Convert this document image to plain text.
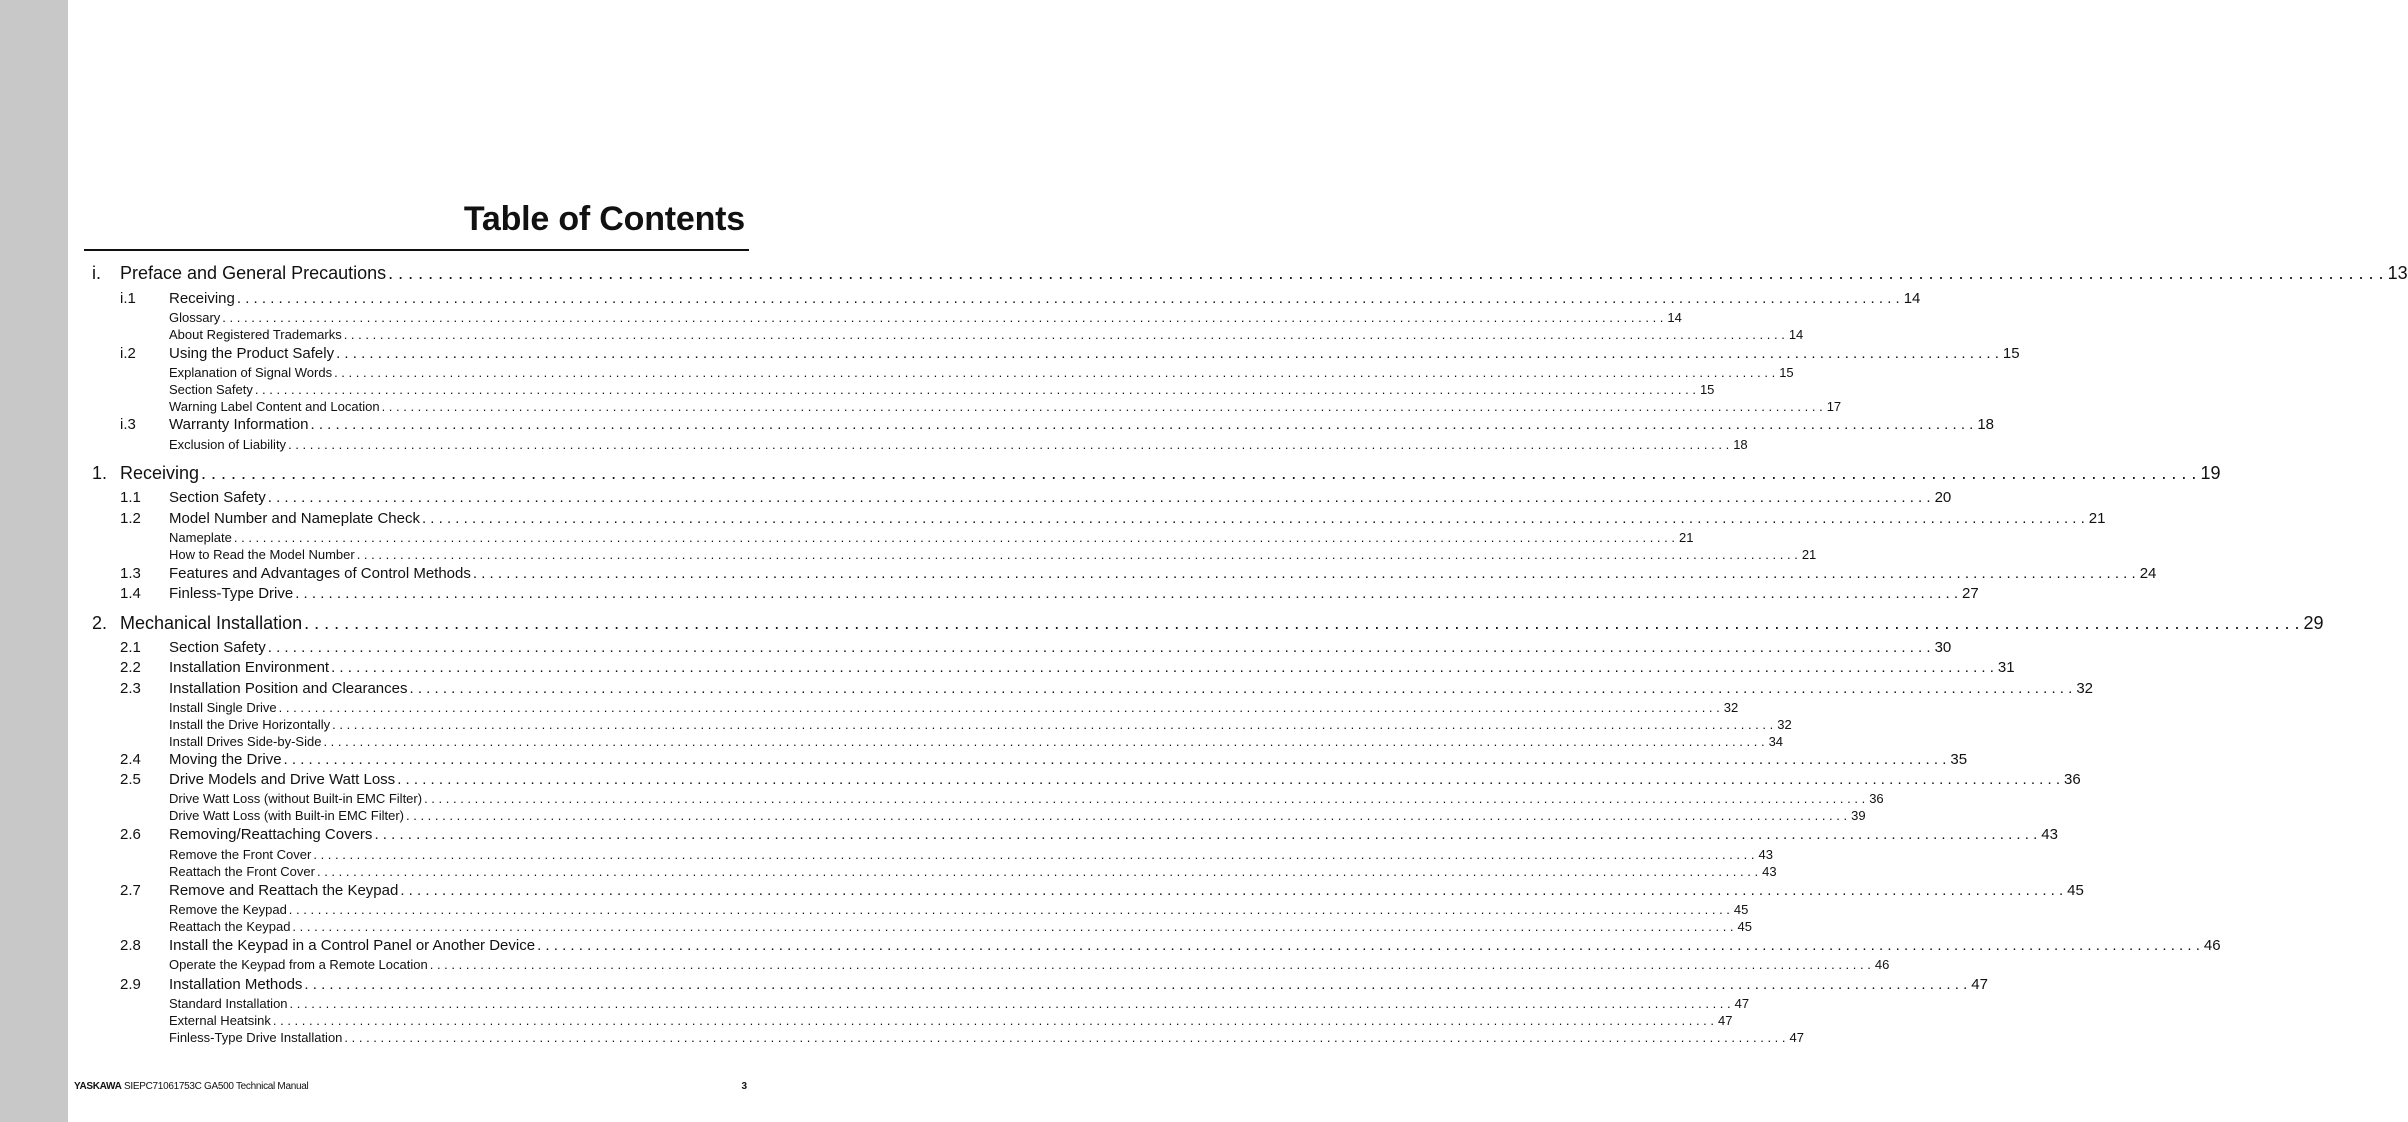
Table of Contents
i. Preface and General Precautions . . . . . . . . . . . . . . . . . . . . . . . . . . . . . . . . . . . . . . . . . . . . . . . . . . . . . . . . . . . . . . . . . . . . . . . . . . . . . . . . . . . . . . . . . . . . . . . . . . . . . . . . . . . . . . . . . . . . . . . . . . . . . . . . . . . . . . . . . . . . . . . . . . . . . . . . . . . . . . . . . . . . . . . . . . . . . . . . . . . . . . . . . . . . . . . . . . . . . . . . 13
i.1 Receiving . . . . . . . . . . . . . . . . . . . . . . . . . . . . . . . . . . . . . . . . . . . . . . . . . . . . . . . . . . . . . . . . . . . . . . . . . . . . . . . . . . . . . . . . . . . . . . . . . . . . . . . . . . . . . . . . . . . . . . . . . . . . . . . . . . . . . . . . . . . . . . . . . . . . . . . . . . . . . . . . . . . . . . . . . . . . . . . . . . . . . . . . . . . . . . . . . . . . . . . . 14
Glossary . . . . . . . . . . . . . . . . . . . . . . . . . . . . . . . . . . . . . . . . . . . . . . . . . . . . . . . . . . . . . . . . . . . . . . . . . . . . . . . . . . . . . . . . . . . . . . . . . . . . . . . . . . . . . . . . . . . . . . . . . . . . . . . . . . . . . . . . . . . . . . . . . . . . . . . . . . . . . . . . . . . . . . . . . . . . . . . . . . . . . . . . . . . . . . . . . . . . . . . . 14
About Registered Trademarks . . . . . . . . . . . . . . . . . . . . . . . . . . . . . . . . . . . . . . . . . . . . . . . . . . . . . . . . . . . . . . . . . . . . . . . . . . . . . . . . . . . . . . . . . . . . . . . . . . . . . . . . . . . . . . . . . . . . . . . . . . . . . . . . . . . . . . . . . . . . . . . . . . . . . . . . . . . . . . . . . . . . . . . . . . . . . . . . . . . . . . . . . . . . . . . . . . . . . . . . 14
i.2 Using the Product Safely . . . . . . . . . . . . . . . . . . . . . . . . . . . . . . . . . . . . . . . . . . . . . . . . . . . . . . . . . . . . . . . . . . . . . . . . . . . . . . . . . . . . . . . . . . . . . . . . . . . . . . . . . . . . . . . . . . . . . . . . . . . . . . . . . . . . . . . . . . . . . . . . . . . . . . . . . . . . . . . . . . . . . . . . . . . . . . . . . . . . . . . . . . . . . . . . . . . . . . . . 15
Explanation of Signal Words . . . . . . . . . . . . . . . . . . . . . . . . . . . . . . . . . . . . . . . . . . . . . . . . . . . . . . . . . . . . . . . . . . . . . . . . . . . . . . . . . . . . . . . . . . . . . . . . . . . . . . . . . . . . . . . . . . . . . . . . . . . . . . . . . . . . . . . . . . . . . . . . . . . . . . . . . . . . . . . . . . . . . . . . . . . . . . . . . . . . . . . . . . . . . . . . . . . . . . . . 15
Section Safety . . . . . . . . . . . . . . . . . . . . . . . . . . . . . . . . . . . . . . . . . . . . . . . . . . . . . . . . . . . . . . . . . . . . . . . . . . . . . . . . . . . . . . . . . . . . . . . . . . . . . . . . . . . . . . . . . . . . . . . . . . . . . . . . . . . . . . . . . . . . . . . . . . . . . . . . . . . . . . . . . . . . . . . . . . . . . . . . . . . . . . . . . . . . . . . . . . . . . . . . 15
Warning Label Content and Location . . . . . . . . . . . . . . . . . . . . . . . . . . . . . . . . . . . . . . . . . . . . . . . . . . . . . . . . . . . . . . . . . . . . . . . . . . . . . . . . . . . . . . . . . . . . . . . . . . . . . . . . . . . . . . . . . . . . . . . . . . . . . . . . . . . . . . . . . . . . . . . . . . . . . . . . . . . . . . . . . . . . . . . . . . . . . . . . . . . . . . . . . . . . . . . . . . . . . . . . 17
i.3 Warranty Information . . . . . . . . . . . . . . . . . . . . . . . . . . . . . . . . . . . . . . . . . . . . . . . . . . . . . . . . . . . . . . . . . . . . . . . . . . . . . . . . . . . . . . . . . . . . . . . . . . . . . . . . . . . . . . . . . . . . . . . . . . . . . . . . . . . . . . . . . . . . . . . . . . . . . . . . . . . . . . . . . . . . . . . . . . . . . . . . . . . . . . . . . . . . . . . . . . . . . . . . 18
Exclusion of Liability . . . . . . . . . . . . . . . . . . . . . . . . . . . . . . . . . . . . . . . . . . . . . . . . . . . . . . . . . . . . . . . . . . . . . . . . . . . . . . . . . . . . . . . . . . . . . . . . . . . . . . . . . . . . . . . . . . . . . . . . . . . . . . . . . . . . . . . . . . . . . . . . . . . . . . . . . . . . . . . . . . . . . . . . . . . . . . . . . . . . . . . . . . . . . . . . . . . . . . . . 18
1. Receiving . . . . . . . . . . . . . . . . . . . . . . . . . . . . . . . . . . . . . . . . . . . . . . . . . . . . . . . . . . . . . . . . . . . . . . . . . . . . . . . . . . . . . . . . . . . . . . . . . . . . . . . . . . . . . . . . . . . . . . . . . . . . . . . . . . . . . . . . . . . . . . . . . . . . . . . . . . . . . . . . . . . . . . . . . . . . . . . . . . . . . . . . . . . . . . . . . . . . . . . . 19
1.1 Section Safety . . . . . . . . . . . . . . . . . . . . . . . . . . . . . . . . . . . . . . . . . . . . . . . . . . . . . . . . . . . . . . . . . . . . . . . . . . . . . . . . . . . . . . . . . . . . . . . . . . . . . . . . . . . . . . . . . . . . . . . . . . . . . . . . . . . . . . . . . . . . . . . . . . . . . . . . . . . . . . . . . . . . . . . . . . . . . . . . . . . . . . . . . . . . . . . . . . . . . . . . 20
1.2 Model Number and Nameplate Check . . . . . . . . . . . . . . . . . . . . . . . . . . . . . . . . . . . . . . . . . . . . . . . . . . . . . . . . . . . . . . . . . . . . . . . . . . . . . . . . . . . . . . . . . . . . . . . . . . . . . . . . . . . . . . . . . . . . . . . . . . . . . . . . . . . . . . . . . . . . . . . . . . . . . . . . . . . . . . . . . . . . . . . . . . . . . . . . . . . . . . . . . . . . . . . . . . . . . . . . 21
Nameplate . . . . . . . . . . . . . . . . . . . . . . . . . . . . . . . . . . . . . . . . . . . . . . . . . . . . . . . . . . . . . . . . . . . . . . . . . . . . . . . . . . . . . . . . . . . . . . . . . . . . . . . . . . . . . . . . . . . . . . . . . . . . . . . . . . . . . . . . . . . . . . . . . . . . . . . . . . . . . . . . . . . . . . . . . . . . . . . . . . . . . . . . . . . . . . . . . . . . . . . . 21
How to Read the Model Number . . . . . . . . . . . . . . . . . . . . . . . . . . . . . . . . . . . . . . . . . . . . . . . . . . . . . . . . . . . . . . . . . . . . . . . . . . . . . . . . . . . . . . . . . . . . . . . . . . . . . . . . . . . . . . . . . . . . . . . . . . . . . . . . . . . . . . . . . . . . . . . . . . . . . . . . . . . . . . . . . . . . . . . . . . . . . . . . . . . . . . . . . . . . . . . . . . . . . . . . 21
1.3 Features and Advantages of Control Methods . . . . . . . . . . . . . . . . . . . . . . . . . . . . . . . . . . . . . . . . . . . . . . . . . . . . . . . . . . . . . . . . . . . . . . . . . . . . . . . . . . . . . . . . . . . . . . . . . . . . . . . . . . . . . . . . . . . . . . . . . . . . . . . . . . . . . . . . . . . . . . . . . . . . . . . . . . . . . . . . . . . . . . . . . . . . . . . . . . . . . . . . . . . . . . . . . . . . . . . . 24
1.4 Finless-Type Drive . . . . . . . . . . . . . . . . . . . . . . . . . . . . . . . . . . . . . . . . . . . . . . . . . . . . . . . . . . . . . . . . . . . . . . . . . . . . . . . . . . . . . . . . . . . . . . . . . . . . . . . . . . . . . . . . . . . . . . . . . . . . . . . . . . . . . . . . . . . . . . . . . . . . . . . . . . . . . . . . . . . . . . . . . . . . . . . . . . . . . . . . . . . . . . . . . . . . . . . . 27
2. Mechanical Installation . . . . . . . . . . . . . . . . . . . . . . . . . . . . . . . . . . . . . . . . . . . . . . . . . . . . . . . . . . . . . . . . . . . . . . . . . . . . . . . . . . . . . . . . . . . . . . . . . . . . . . . . . . . . . . . . . . . . . . . . . . . . . . . . . . . . . . . . . . . . . . . . . . . . . . . . . . . . . . . . . . . . . . . . . . . . . . . . . . . . . . . . . . . . . . . . . . . . . . . . 29
2.1 Section Safety . . . . . . . . . . . . . . . . . . . . . . . . . . . . . . . . . . . . . . . . . . . . . . . . . . . . . . . . . . . . . . . . . . . . . . . . . . . . . . . . . . . . . . . . . . . . . . . . . . . . . . . . . . . . . . . . . . . . . . . . . . . . . . . . . . . . . . . . . . . . . . . . . . . . . . . . . . . . . . . . . . . . . . . . . . . . . . . . . . . . . . . . . . . . . . . . . . . . . . . . 30
2.2 Installation Environment . . . . . . . . . . . . . . . . . . . . . . . . . . . . . . . . . . . . . . . . . . . . . . . . . . . . . . . . . . . . . . . . . . . . . . . . . . . . . . . . . . . . . . . . . . . . . . . . . . . . . . . . . . . . . . . . . . . . . . . . . . . . . . . . . . . . . . . . . . . . . . . . . . . . . . . . . . . . . . . . . . . . . . . . . . . . . . . . . . . . . . . . . . . . . . . . . . . . . . . . 31
2.3 Installation Position and Clearances . . . . . . . . . . . . . . . . . . . . . . . . . . . . . . . . . . . . . . . . . . . . . . . . . . . . . . . . . . . . . . . . . . . . . . . . . . . . . . . . . . . . . . . . . . . . . . . . . . . . . . . . . . . . . . . . . . . . . . . . . . . . . . . . . . . . . . . . . . . . . . . . . . . . . . . . . . . . . . . . . . . . . . . . . . . . . . . . . . . . . . . . . . . . . . . . . . . . . . . . 32
Install Single Drive . . . . . . . . . . . . . . . . . . . . . . . . . . . . . . . . . . . . . . . . . . . . . . . . . . . . . . . . . . . . . . . . . . . . . . . . . . . . . . . . . . . . . . . . . . . . . . . . . . . . . . . . . . . . . . . . . . . . . . . . . . . . . . . . . . . . . . . . . . . . . . . . . . . . . . . . . . . . . . . . . . . . . . . . . . . . . . . . . . . . . . . . . . . . . . . . . . . . . . . . 32
Install the Drive Horizontally . . . . . . . . . . . . . . . . . . . . . . . . . . . . . . . . . . . . . . . . . . . . . . . . . . . . . . . . . . . . . . . . . . . . . . . . . . . . . . . . . . . . . . . . . . . . . . . . . . . . . . . . . . . . . . . . . . . . . . . . . . . . . . . . . . . . . . . . . . . . . . . . . . . . . . . . . . . . . . . . . . . . . . . . . . . . . . . . . . . . . . . . . . . . . . . . . . . . . . . . 32
Install Drives Side-by-Side . . . . . . . . . . . . . . . . . . . . . . . . . . . . . . . . . . . . . . . . . . . . . . . . . . . . . . . . . . . . . . . . . . . . . . . . . . . . . . . . . . . . . . . . . . . . . . . . . . . . . . . . . . . . . . . . . . . . . . . . . . . . . . . . . . . . . . . . . . . . . . . . . . . . . . . . . . . . . . . . . . . . . . . . . . . . . . . . . . . . . . . . . . . . . . . . . . . . . . . . 34
2.4 Moving the Drive . . . . . . . . . . . . . . . . . . . . . . . . . . . . . . . . . . . . . . . . . . . . . . . . . . . . . . . . . . . . . . . . . . . . . . . . . . . . . . . . . . . . . . . . . . . . . . . . . . . . . . . . . . . . . . . . . . . . . . . . . . . . . . . . . . . . . . . . . . . . . . . . . . . . . . . . . . . . . . . . . . . . . . . . . . . . . . . . . . . . . . . . . . . . . . . . . . . . . . . . 35
2.5 Drive Models and Drive Watt Loss . . . . . . . . . . . . . . . . . . . . . . . . . . . . . . . . . . . . . . . . . . . . . . . . . . . . . . . . . . . . . . . . . . . . . . . . . . . . . . . . . . . . . . . . . . . . . . . . . . . . . . . . . . . . . . . . . . . . . . . . . . . . . . . . . . . . . . . . . . . . . . . . . . . . . . . . . . . . . . . . . . . . . . . . . . . . . . . . . . . . . . . . . . . . . . . . . . . . . . . . 36
Drive Watt Loss (without Built-in EMC Filter) . . . . . . . . . . . . . . . . . . . . . . . . . . . . . . . . . . . . . . . . . . . . . . . . . . . . . . . . . . . . . . . . . . . . . . . . . . . . . . . . . . . . . . . . . . . . . . . . . . . . . . . . . . . . . . . . . . . . . . . . . . . . . . . . . . . . . . . . . . . . . . . . . . . . . . . . . . . . . . . . . . . . . . . . . . . . . . . . . . . . . . . . . . . . . . . . . . . . . . . . 36
Drive Watt Loss (with Built-in EMC Filter) . . . . . . . . . . . . . . . . . . . . . . . . . . . . . . . . . . . . . . . . . . . . . . . . . . . . . . . . . . . . . . . . . . . . . . . . . . . . . . . . . . . . . . . . . . . . . . . . . . . . . . . . . . . . . . . . . . . . . . . . . . . . . . . . . . . . . . . . . . . . . . . . . . . . . . . . . . . . . . . . . . . . . . . . . . . . . . . . . . . . . . . . . . . . . . . . . . . . . . . . 39
2.6 Removing/Reattaching Covers . . . . . . . . . . . . . . . . . . . . . . . . . . . . . . . . . . . . . . . . . . . . . . . . . . . . . . . . . . . . . . . . . . . . . . . . . . . . . . . . . . . . . . . . . . . . . . . . . . . . . . . . . . . . . . . . . . . . . . . . . . . . . . . . . . . . . . . . . . . . . . . . . . . . . . . . . . . . . . . . . . . . . . . . . . . . . . . . . . . . . . . . . . . . . . . . . . . . . . . . 43
Remove the Front Cover . . . . . . . . . . . . . . . . . . . . . . . . . . . . . . . . . . . . . . . . . . . . . . . . . . . . . . . . . . . . . . . . . . . . . . . . . . . . . . . . . . . . . . . . . . . . . . . . . . . . . . . . . . . . . . . . . . . . . . . . . . . . . . . . . . . . . . . . . . . . . . . . . . . . . . . . . . . . . . . . . . . . . . . . . . . . . . . . . . . . . . . . . . . . . . . . . . . . . . . . 43
Reattach the Front Cover . . . . . . . . . . . . . . . . . . . . . . . . . . . . . . . . . . . . . . . . . . . . . . . . . . . . . . . . . . . . . . . . . . . . . . . . . . . . . . . . . . . . . . . . . . . . . . . . . . . . . . . . . . . . . . . . . . . . . . . . . . . . . . . . . . . . . . . . . . . . . . . . . . . . . . . . . . . . . . . . . . . . . . . . . . . . . . . . . . . . . . . . . . . . . . . . . . . . . . . . 43
2.7 Remove and Reattach the Keypad . . . . . . . . . . . . . . . . . . . . . . . . . . . . . . . . . . . . . . . . . . . . . . . . . . . . . . . . . . . . . . . . . . . . . . . . . . . . . . . . . . . . . . . . . . . . . . . . . . . . . . . . . . . . . . . . . . . . . . . . . . . . . . . . . . . . . . . . . . . . . . . . . . . . . . . . . . . . . . . . . . . . . . . . . . . . . . . . . . . . . . . . . . . . . . . . . . . . . . . . 45
Remove the Keypad . . . . . . . . . . . . . . . . . . . . . . . . . . . . . . . . . . . . . . . . . . . . . . . . . . . . . . . . . . . . . . . . . . . . . . . . . . . . . . . . . . . . . . . . . . . . . . . . . . . . . . . . . . . . . . . . . . . . . . . . . . . . . . . . . . . . . . . . . . . . . . . . . . . . . . . . . . . . . . . . . . . . . . . . . . . . . . . . . . . . . . . . . . . . . . . . . . . . . . . . 45
Reattach the Keypad . . . . . . . . . . . . . . . . . . . . . . . . . . . . . . . . . . . . . . . . . . . . . . . . . . . . . . . . . . . . . . . . . . . . . . . . . . . . . . . . . . . . . . . . . . . . . . . . . . . . . . . . . . . . . . . . . . . . . . . . . . . . . . . . . . . . . . . . . . . . . . . . . . . . . . . . . . . . . . . . . . . . . . . . . . . . . . . . . . . . . . . . . . . . . . . . . . . . . . . . 45
2.8 Install the Keypad in a Control Panel or Another Device . . . . . . . . . . . . . . . . . . . . . . . . . . . . . . . . . . . . . . . . . . . . . . . . . . . . . . . . . . . . . . . . . . . . . . . . . . . . . . . . . . . . . . . . . . . . . . . . . . . . . . . . . . . . . . . . . . . . . . . . . . . . . . . . . . . . . . . . . . . . . . . . . . . . . . . . . . . . . . . . . . . . . . . . . . . . . . . . . . . . . . . . . . . . . . . . . . . . . . . . 46
Operate the Keypad from a Remote Location . . . . . . . . . . . . . . . . . . . . . . . . . . . . . . . . . . . . . . . . . . . . . . . . . . . . . . . . . . . . . . . . . . . . . . . . . . . . . . . . . . . . . . . . . . . . . . . . . . . . . . . . . . . . . . . . . . . . . . . . . . . . . . . . . . . . . . . . . . . . . . . . . . . . . . . . . . . . . . . . . . . . . . . . . . . . . . . . . . . . . . . . . . . . . . . . . . . . . . . . 46
2.9 Installation Methods . . . . . . . . . . . . . . . . . . . . . . . . . . . . . . . . . . . . . . . . . . . . . . . . . . . . . . . . . . . . . . . . . . . . . . . . . . . . . . . . . . . . . . . . . . . . . . . . . . . . . . . . . . . . . . . . . . . . . . . . . . . . . . . . . . . . . . . . . . . . . . . . . . . . . . . . . . . . . . . . . . . . . . . . . . . . . . . . . . . . . . . . . . . . . . . . . . . . . . . . 47
Standard Installation . . . . . . . . . . . . . . . . . . . . . . . . . . . . . . . . . . . . . . . . . . . . . . . . . . . . . . . . . . . . . . . . . . . . . . . . . . . . . . . . . . . . . . . . . . . . . . . . . . . . . . . . . . . . . . . . . . . . . . . . . . . . . . . . . . . . . . . . . . . . . . . . . . . . . . . . . . . . . . . . . . . . . . . . . . . . . . . . . . . . . . . . . . . . . . . . . . . . . . . . 47
External Heatsink . . . . . . . . . . . . . . . . . . . . . . . . . . . . . . . . . . . . . . . . . . . . . . . . . . . . . . . . . . . . . . . . . . . . . . . . . . . . . . . . . . . . . . . . . . . . . . . . . . . . . . . . . . . . . . . . . . . . . . . . . . . . . . . . . . . . . . . . . . . . . . . . . . . . . . . . . . . . . . . . . . . . . . . . . . . . . . . . . . . . . . . . . . . . . . . . . . . . . . . . 47
Finless-Type Drive Installation . . . . . . . . . . . . . . . . . . . . . . . . . . . . . . . . . . . . . . . . . . . . . . . . . . . . . . . . . . . . . . . . . . . . . . . . . . . . . . . . . . . . . . . . . . . . . . . . . . . . . . . . . . . . . . . . . . . . . . . . . . . . . . . . . . . . . . . . . . . . . . . . . . . . . . . . . . . . . . . . . . . . . . . . . . . . . . . . . . . . . . . . . . . . . . . . . . . . . . . . 47
YASKAWA SIEPC71061753C GA500 Technical Manual	3
